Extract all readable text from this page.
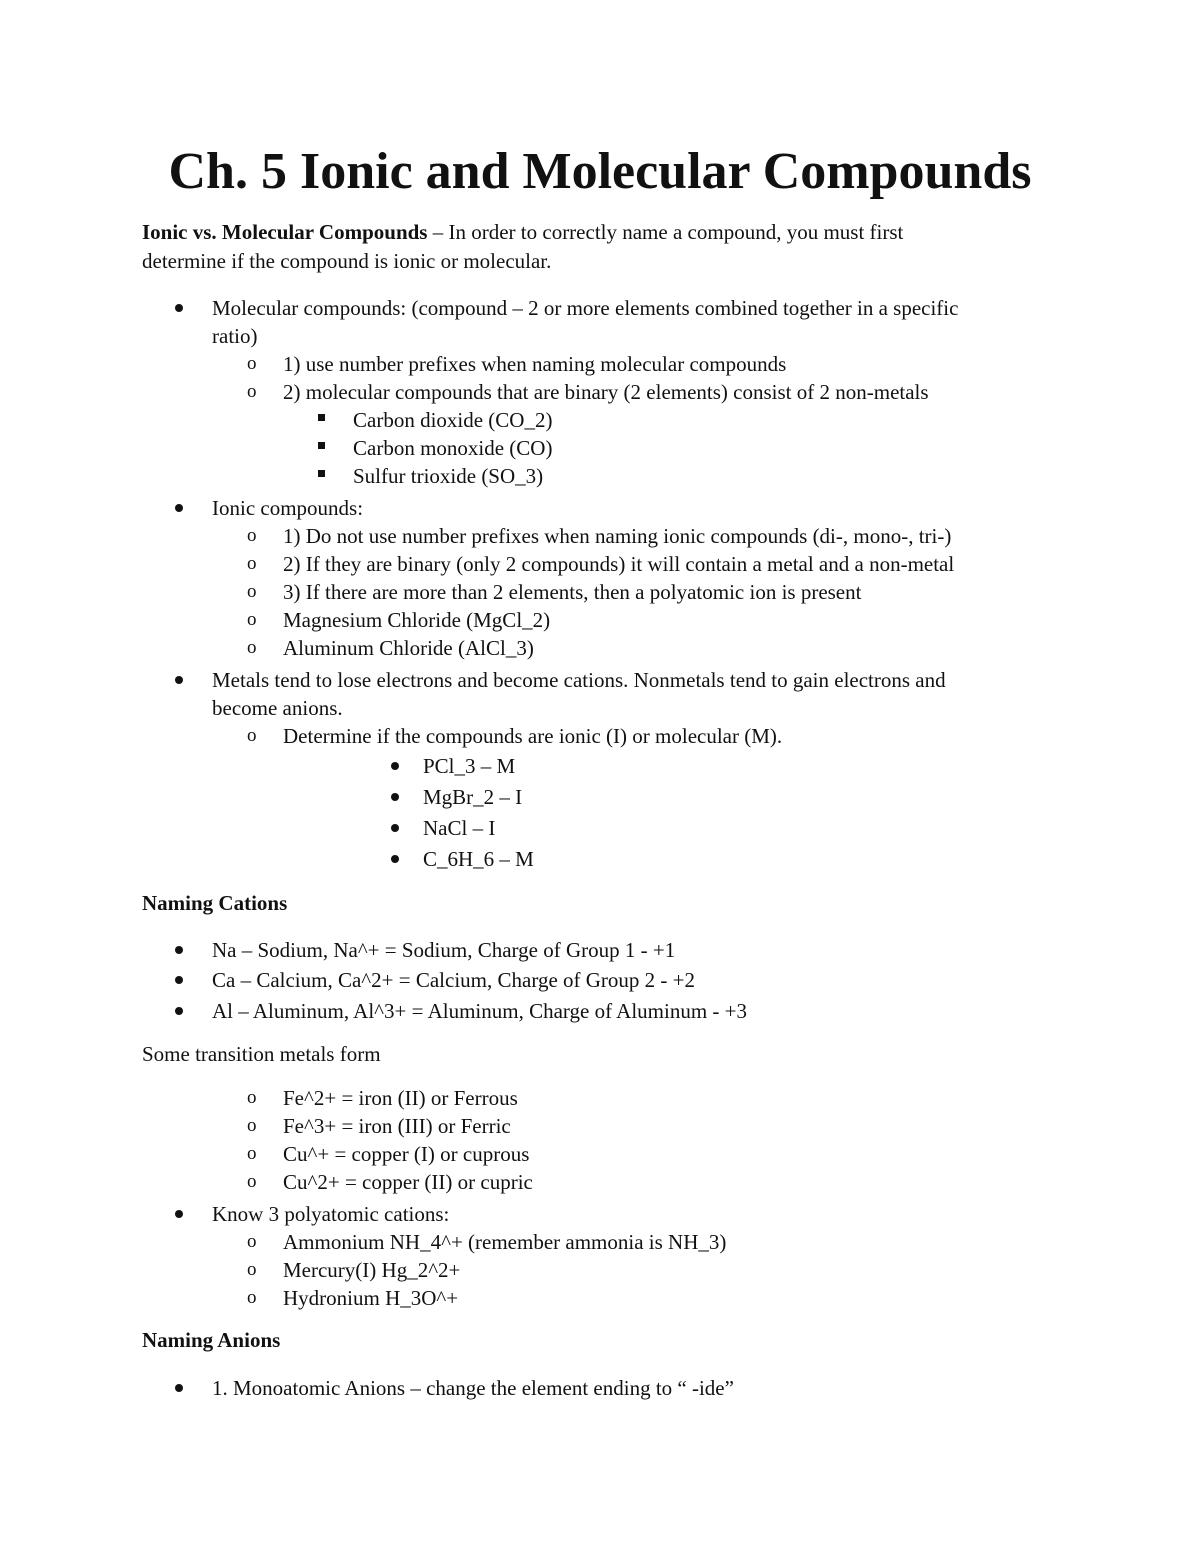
Ch. 5 Ionic and Molecular Compounds
Ionic vs. Molecular Compounds – In order to correctly name a compound, you must first
determine if the compound is ionic or molecular.
Molecular compounds: (compound – 2 or more elements combined together in a specific
ratio)
o 1) use number prefixes when naming molecular compounds
o 2) molecular compounds that are binary (2 elements) consist of 2 non-metals
Carbon dioxide (CO_2)
Carbon monoxide (CO)
Sulfur trioxide (SO_3)
Ionic compounds:
o 1) Do not use number prefixes when naming ionic compounds (di-, mono-, tri-)
o 2) If they are binary (only 2 compounds) it will contain a metal and a non-metal
o 3) If there are more than 2 elements, then a polyatomic ion is present
o Magnesium Chloride (MgCl_2)
o Aluminum Chloride (AlCl_3)
Metals tend to lose electrons and become cations. Nonmetals tend to gain electrons and
become anions.
o Determine if the compounds are ionic (I) or molecular (M).
PCl_3 – M
MgBr_2 – I
NaCl – I
C_6H_6 – M
Naming Cations
Na – Sodium, Na^+ = Sodium, Charge of Group 1 - +1
Ca – Calcium, Ca^2+ = Calcium, Charge of Group 2 - +2
Al – Aluminum, Al^3+ = Aluminum, Charge of Aluminum - +3
Some transition metals form
o Fe^2+ = iron (II) or Ferrous
o Fe^3+ = iron (III) or Ferric
o Cu^+ = copper (I) or cuprous
o Cu^2+ = copper (II) or cupric
Know 3 polyatomic cations:
o Ammonium NH_4^+ (remember ammonia is NH_3)
o Mercury(I) Hg_2^2+
o Hydronium H_3O^+
Naming Anions
1. Monoatomic Anions – change the element ending to “ -ide”
